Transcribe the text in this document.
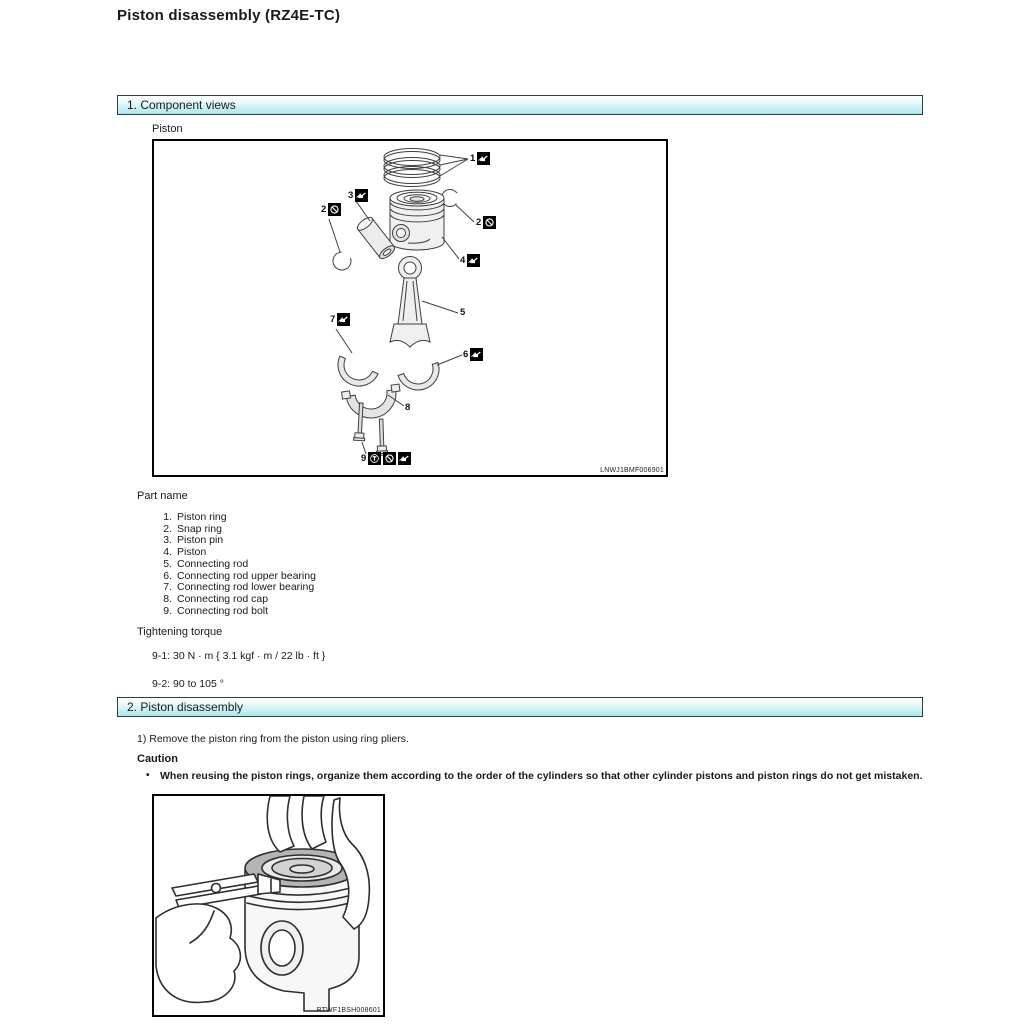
Piston disassembly (RZ4E-TC)
1. Component views
Piston
1
3
2
2
4
5
7
6
8
9
LNWJ1BMF006901
Part name
1. Piston ring
2. Snap ring
3. Piston pin
4. Piston
5. Connecting rod
6. Connecting rod upper bearing
7. Connecting rod lower bearing
8. Connecting rod cap
9. Connecting rod bolt
Tightening torque
9-1: 30 N · m { 3.1 kgf · m / 22 lb · ft }
9-2: 90 to 105 °
2. Piston disassembly
1) Remove the piston ring from the piston using ring pliers.
Caution
• When reusing the piston rings, organize them according to the order of the cylinders so that other cylinder pistons and piston rings do not get mistaken.
RTWF1BSH008601
